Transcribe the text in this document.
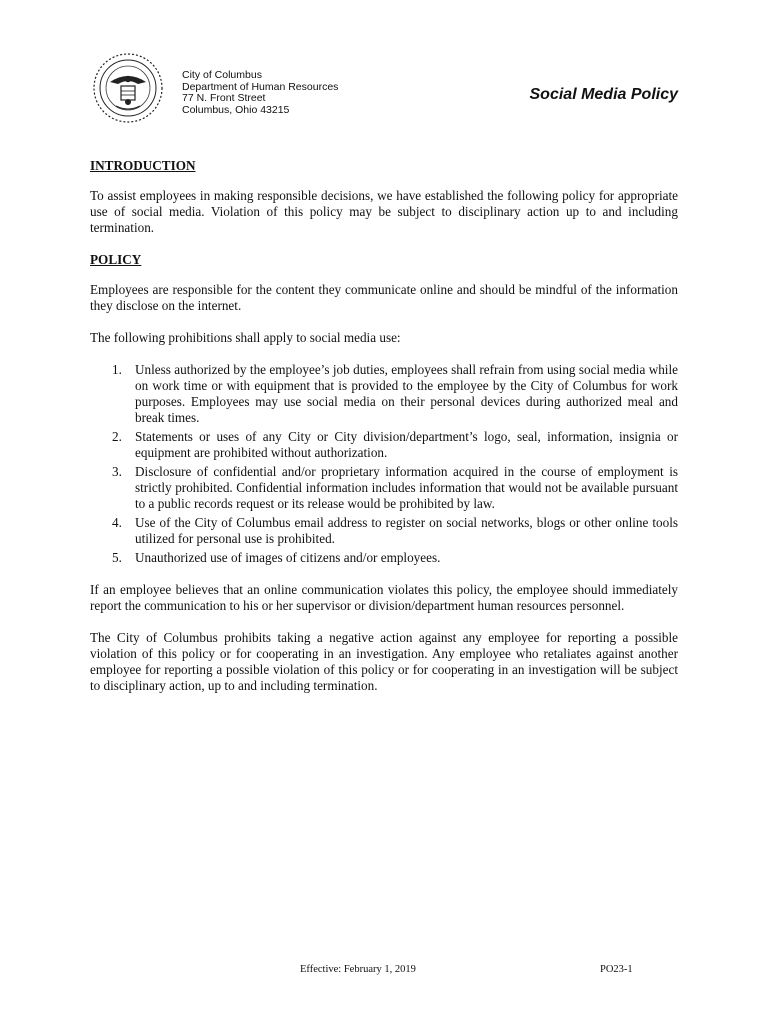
City of Columbus
Department of Human Resources
77 N. Front Street
Columbus, Ohio 43215
Social Media Policy
INTRODUCTION

To assist employees in making responsible decisions, we have established the following policy for appropriate use of social media. Violation of this policy may be subject to disciplinary action up to and including termination.

POLICY

Employees are responsible for the content they communicate online and should be mindful of the information they disclose on the internet.

The following prohibitions shall apply to social media use:

1. Unless authorized by the employee’s job duties, employees shall refrain from using social media while on work time or with equipment that is provided to the employee by the City of Columbus for work purposes. Employees may use social media on their personal devices during authorized meal and break times.
2. Statements or uses of any City or City division/department’s logo, seal, information, insignia or equipment are prohibited without authorization.
3. Disclosure of confidential and/or proprietary information acquired in the course of employment is strictly prohibited. Confidential information includes information that would not be available pursuant to a public records request or its release would be prohibited by law.
4. Use of the City of Columbus email address to register on social networks, blogs or other online tools utilized for personal use is prohibited.
5. Unauthorized use of images of citizens and/or employees.

If an employee believes that an online communication violates this policy, the employee should immediately report the communication to his or her supervisor or division/department human resources personnel.

The City of Columbus prohibits taking a negative action against any employee for reporting a possible violation of this policy or for cooperating in an investigation. Any employee who retaliates against another employee for reporting a possible violation of this policy or for cooperating in an investigation will be subject to disciplinary action, up to and including termination.

Effective: February 1, 2019	PO23-1
